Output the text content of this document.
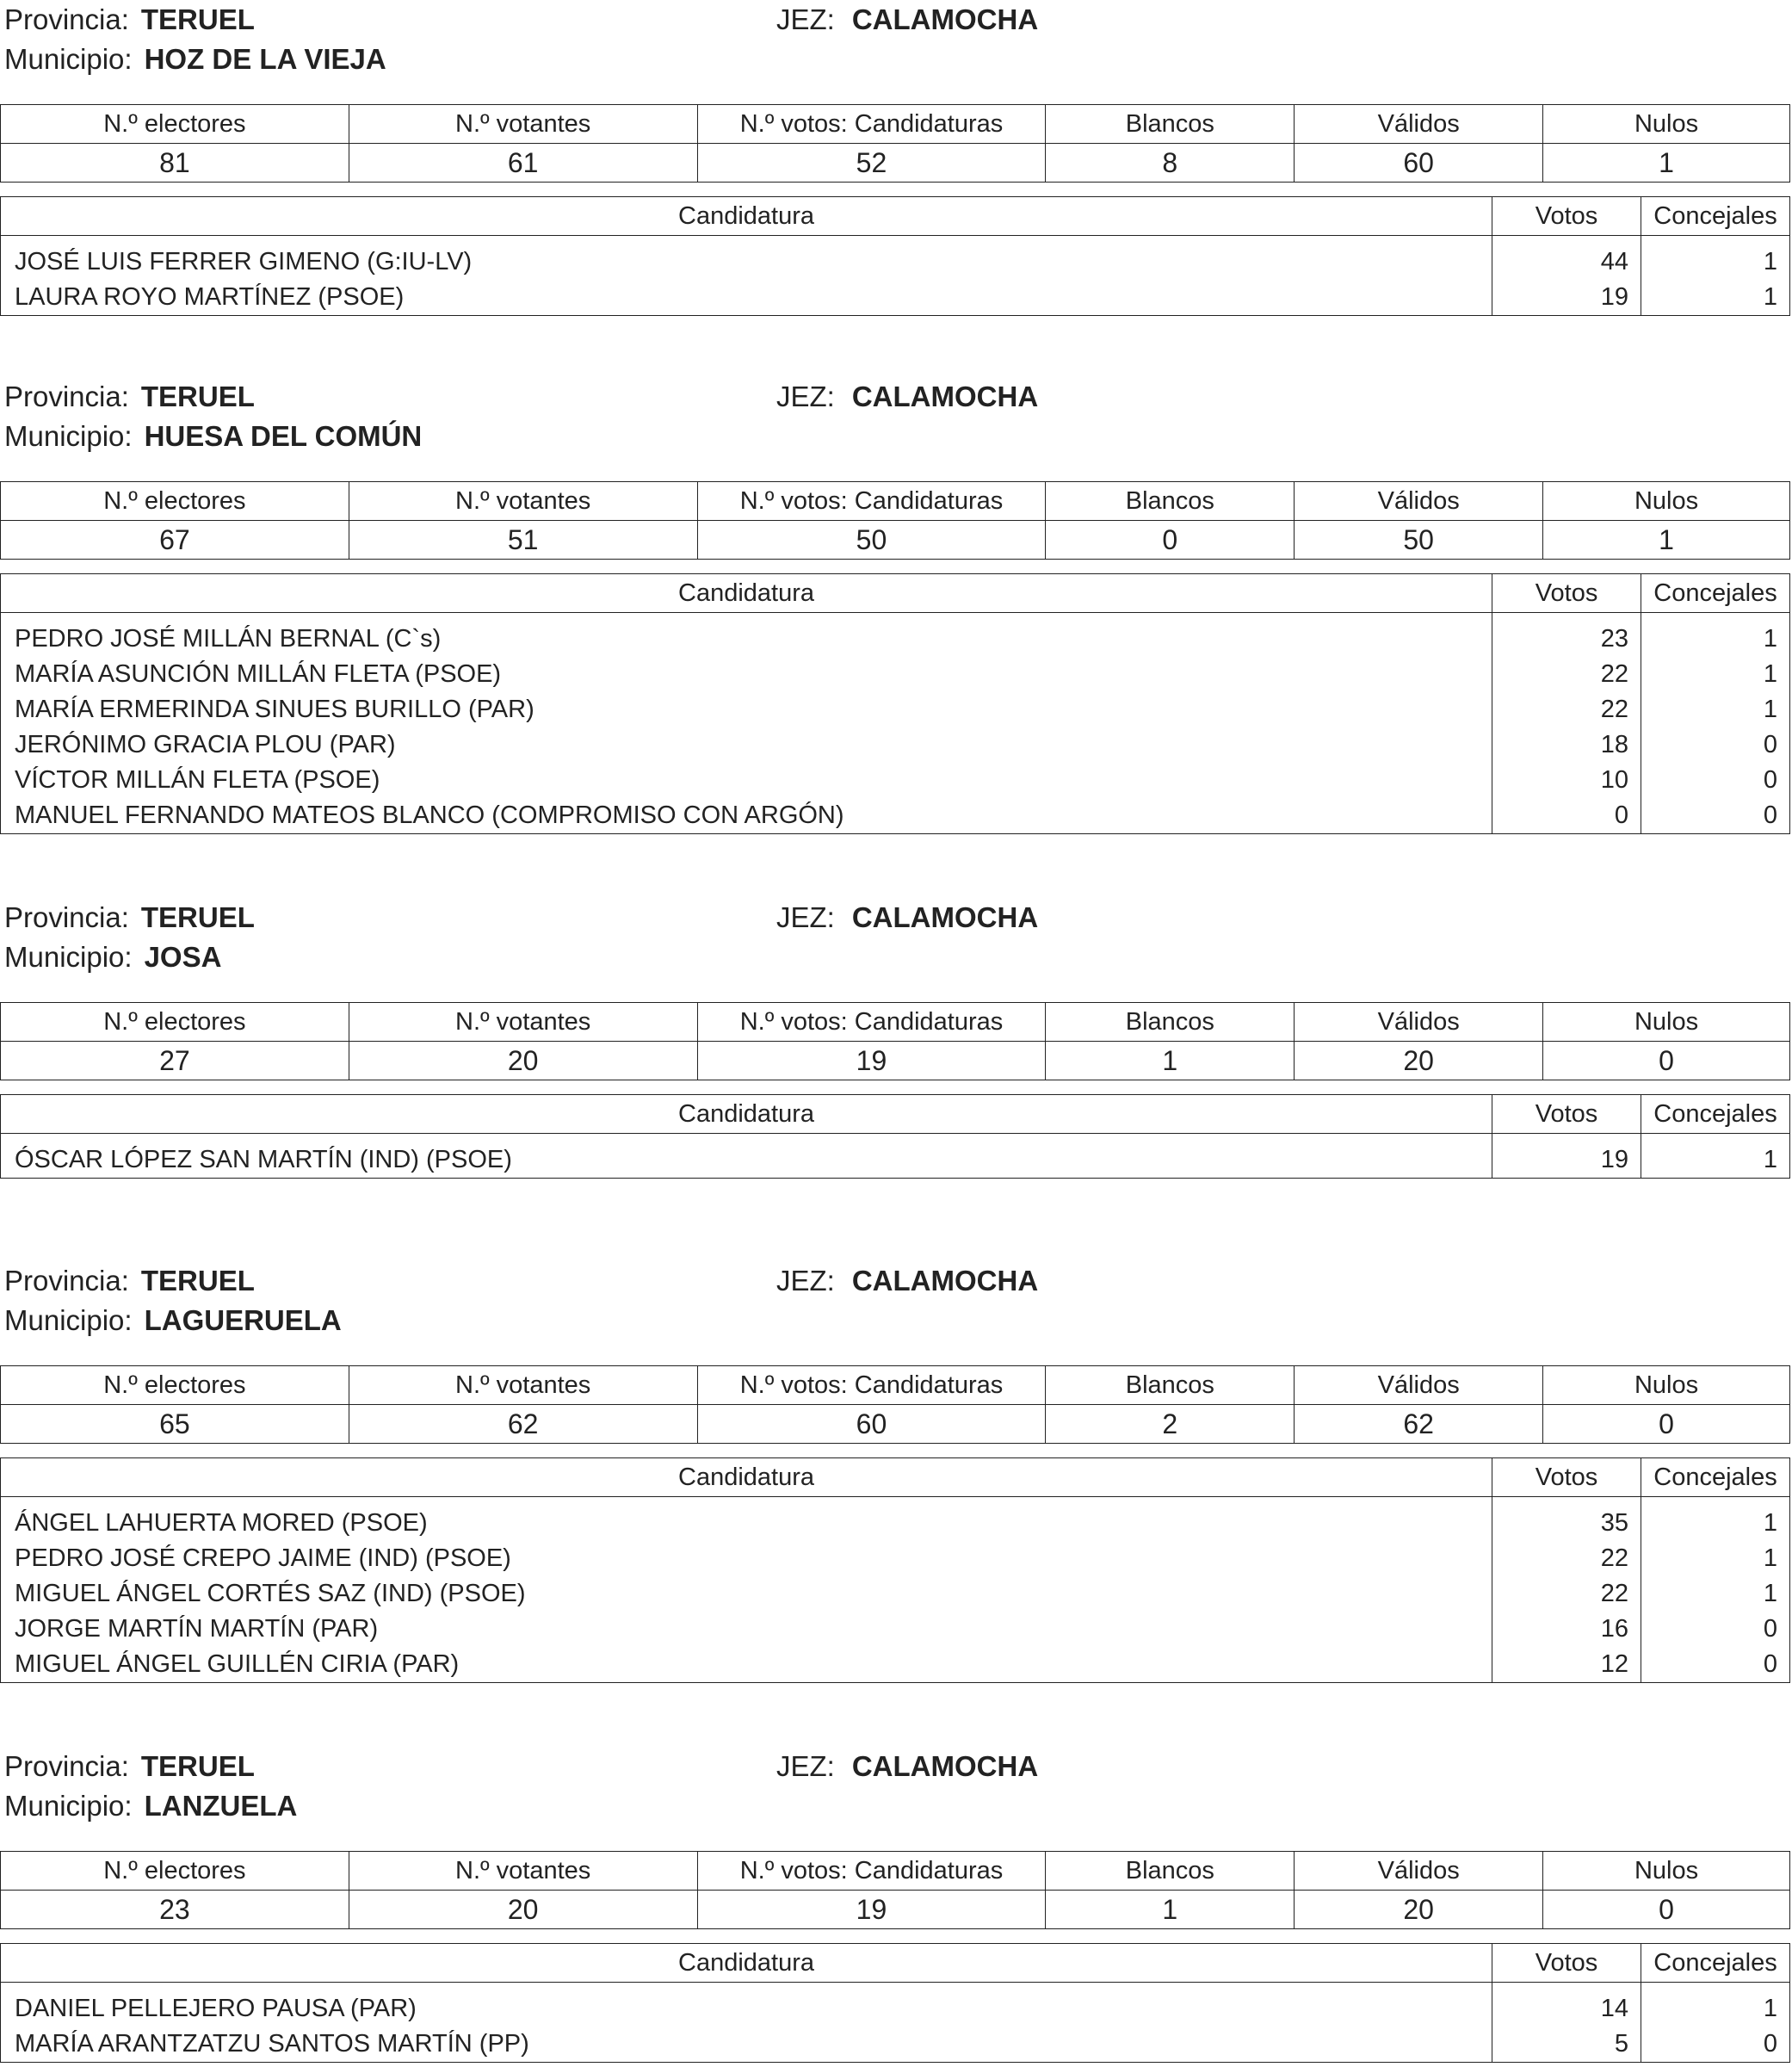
Provincia: TERUEL	JEZ: CALAMOCHA
Municipio: HOZ DE LA VIEJA
N.º electores	N.º votantes	N.º votos: Candidaturas	Blancos	Válidos	Nulos
81	61	52	8	60	1
Candidatura	Votos	Concejales
JOSÉ LUIS FERRER GIMENO (G:IU-LV)	44	1
LAURA ROYO MARTÍNEZ (PSOE)	19	1
Provincia: TERUEL	JEZ: CALAMOCHA
Municipio: HUESA DEL COMÚN
N.º electores	N.º votantes	N.º votos: Candidaturas	Blancos	Válidos	Nulos
67	51	50	0	50	1
Candidatura	Votos	Concejales
PEDRO JOSÉ MILLÁN BERNAL (C`s)	23	1
MARÍA ASUNCIÓN MILLÁN FLETA (PSOE)	22	1
MARÍA ERMERINDA SINUES BURILLO (PAR)	22	1
JERÓNIMO GRACIA PLOU (PAR)	18	0
VÍCTOR MILLÁN FLETA (PSOE)	10	0
MANUEL FERNANDO MATEOS BLANCO (COMPROMISO CON ARGÓN)	0	0
Provincia: TERUEL	JEZ: CALAMOCHA
Municipio: JOSA
N.º electores	N.º votantes	N.º votos: Candidaturas	Blancos	Válidos	Nulos
27	20	19	1	20	0
Candidatura	Votos	Concejales
ÓSCAR LÓPEZ SAN MARTÍN (IND) (PSOE)	19	1
Provincia: TERUEL	JEZ: CALAMOCHA
Municipio: LAGUERUELA
N.º electores	N.º votantes	N.º votos: Candidaturas	Blancos	Válidos	Nulos
65	62	60	2	62	0
Candidatura	Votos	Concejales
ÁNGEL LAHUERTA MORED (PSOE)	35	1
PEDRO JOSÉ CREPO JAIME (IND) (PSOE)	22	1
MIGUEL ÁNGEL CORTÉS SAZ (IND) (PSOE)	22	1
JORGE MARTÍN MARTÍN (PAR)	16	0
MIGUEL ÁNGEL GUILLÉN CIRIA (PAR)	12	0
Provincia: TERUEL	JEZ: CALAMOCHA
Municipio: LANZUELA
N.º electores	N.º votantes	N.º votos: Candidaturas	Blancos	Válidos	Nulos
23	20	19	1	20	0
Candidatura	Votos	Concejales
DANIEL PELLEJERO PAUSA (PAR)	14	1
MARÍA ARANTZATZU SANTOS MARTÍN (PP)	5	0
